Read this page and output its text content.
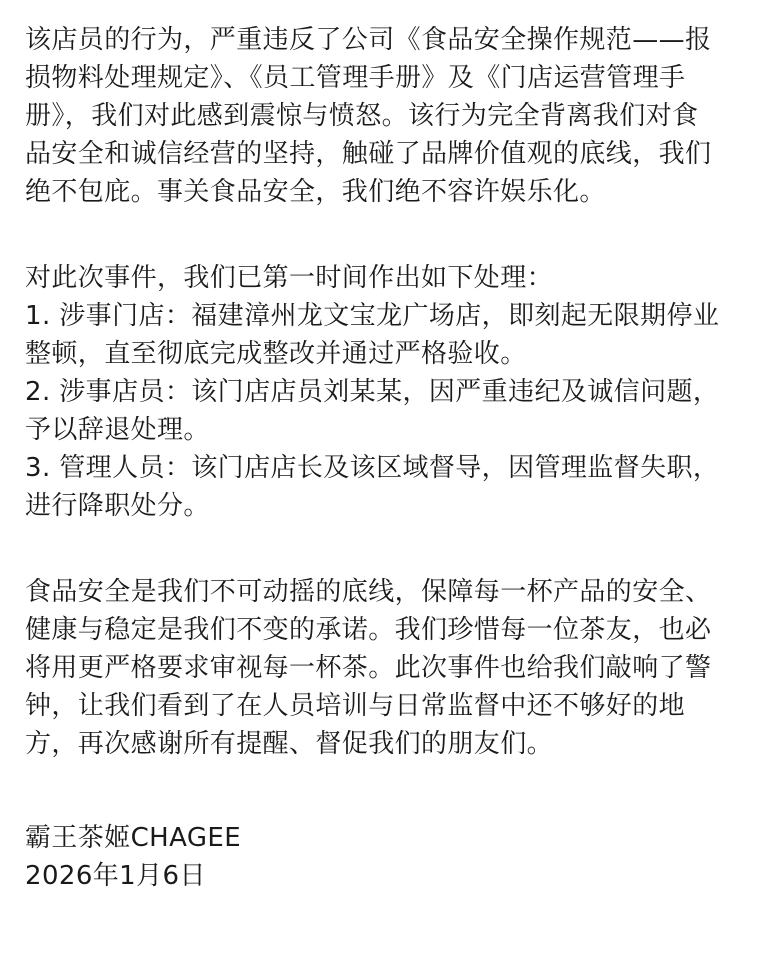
该店员的行为，严重违反了公司《食品安全操作规范——报

损物料处理规定》、《员工管理手册》及《门店运营管理手

册》，我们对此感到震惊与愤怒。该行为完全背离我们对食

品安全和诚信经营的坚持，触碰了品牌价值观的底线，我们

绝不包庇。事关食品安全，我们绝不容许娱乐化。

对此次事件，我们已第一时间作出如下处理：

1. 涉事门店：福建漳州龙文宝龙广场店，即刻起无限期停业

整顿，直至彻底完成整改并通过严格验收。

2. 涉事店员：该门店店员刘某某，因严重违纪及诚信问题，

予以辞退处理。

3. 管理人员：该门店店长及该区域督导，因管理监督失职，

进行降职处分。

食品安全是我们不可动摇的底线，保障每一杯产品的安全、

健康与稳定是我们不变的承诺。我们珍惜每一位茶友，也必

将用更严格要求审视每一杯茶。此次事件也给我们敲响了警

钟，让我们看到了在人员培训与日常监督中还不够好的地

方，再次感谢所有提醒、督促我们的朋友们。

霸王茶姬CHAGEE

2026年1月6日
